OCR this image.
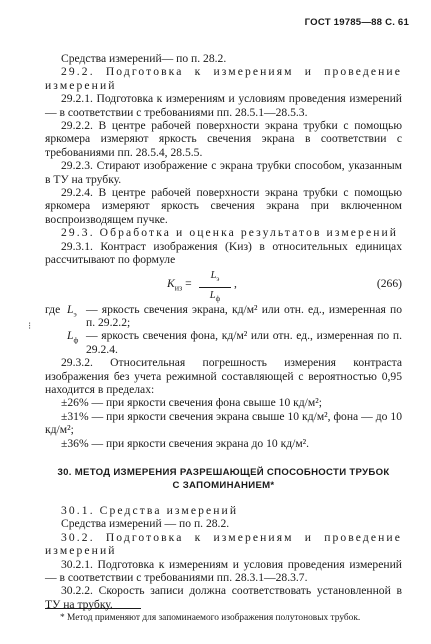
ГОСТ 19785—88 С. 61
⁝

Средства измерений— по п. 28.2.

29.2. Подготовка к измерениям и проведение измерений

29.2.1. Подготовка к измерениям и условиям проведения измерений — в соответствии с требованиями пп. 28.5.1—28.5.3.

29.2.2. В центре рабочей поверхности экрана трубки с помощью яркомера измеряют яркость свечения экрана в соответствии с требованиями пп. 28.5.4, 28.5.5.

29.2.3. Стирают изображение с экрана трубки способом, указанным в ТУ на трубку.

29.2.4. В центре рабочей поверхности экрана трубки с помощью яркомера измеряют яркость свечения экрана при включенном воспроизводящем пучке.

29.3. Обработка и оценка результатов измерений

29.3.1. Контраст изображения (Kиз) в относительных единицах рассчитывают по формуле

$K_{из}$ =
$L_э$
$L_ф$
,	(266)
где $L_э$ — яркость свечения экрана, кд/м² или отн. ед., измеренная по п. 29.2.2;
$L_ф$ — яркость свечения фона, кд/м² или отн. ед., измеренная по п. 29.2.4.

29.3.2. Относительная погрешность измерения контраста изображения без учета режимной составляющей с вероятностью 0,95 находится в пределах:

±26% — при яркости свечения фона свыше 10 кд/м²;

±31% — при яркости свечения экрана свыше 10 кд/м², фона — до 10 кд/м²;

±36% — при яркости свечения экрана до 10 кд/м².

30. МЕТОД ИЗМЕРЕНИЯ РАЗРЕШАЮЩЕЙ СПОСОБНОСТИ ТРУБОК
С ЗАПОМИНАНИЕМ*

30.1. Средства измерений

Средства измерений — по п. 28.2.

30.2. Подготовка к измерениям и проведение измерений

30.2.1. Подготовка к измерениям и условия проведения измерений — в соответствии с требованиями пп. 28.3.1—28.3.7.

30.2.2. Скорость записи должна соответствовать установленной в ТУ на трубку.

* Метод применяют для запоминаемого изображения полутоновых трубок.
